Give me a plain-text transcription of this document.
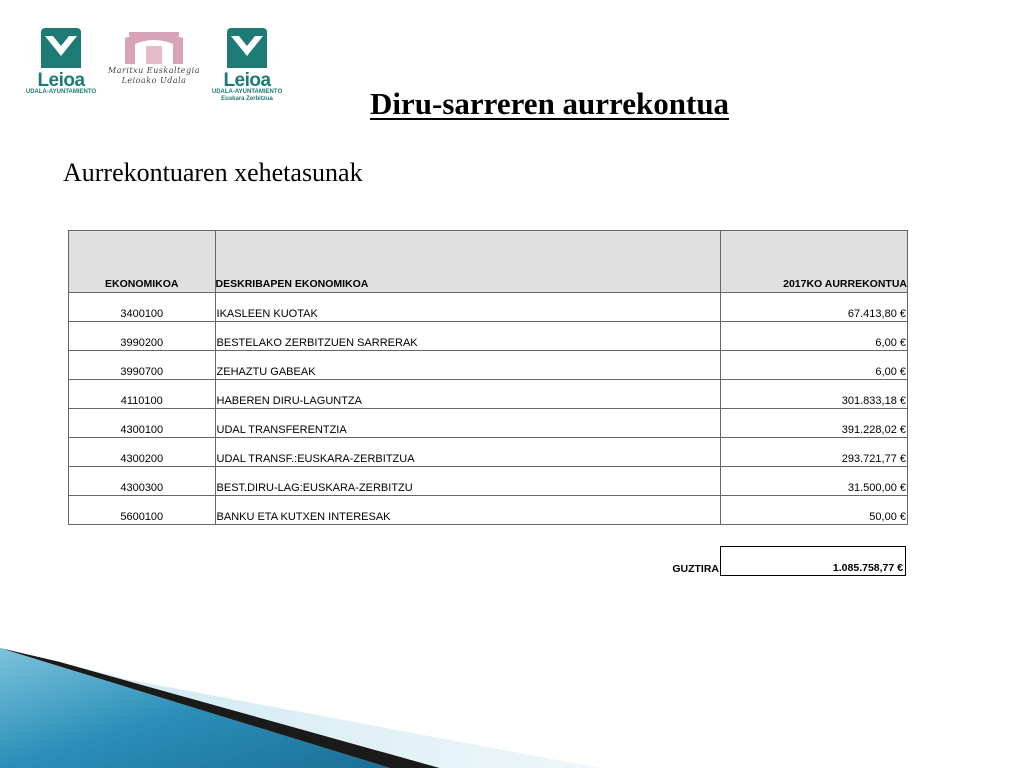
Leioa
UDALA-AYUNTAMIENTO
Maritxu Euskaltegia
Leioako Udala Leioa
UDALA-AYUNTAMIENTO
Euskara Zerbitzua	Diru-sarreren aurrekontua
Aurrekontuaren xehetasunak
EKONOMIKOA	DESKRIBAPEN EKONOMIKOA	2017KO AURREKONTUA
3400100	IKASLEEN KUOTAK	67.413,80 €
3990200	BESTELAKO ZERBITZUEN SARRERAK	6,00 €
3990700	ZEHAZTU GABEAK	6,00 €
4110100	HABEREN DIRU-LAGUNTZA	301.833,18 €
4300100	UDAL TRANSFERENTZIA	391.228,02 €
4300200	UDAL TRANSF.:EUSKARA-ZERBITZUA	293.721,77 €
4300300	BEST.DIRU-LAG:EUSKARA-ZERBITZU	31.500,00 €
5600100	BANKU ETA KUTXEN INTERESAK	50,00 €
GUZTIRA	1.085.758,77 €
